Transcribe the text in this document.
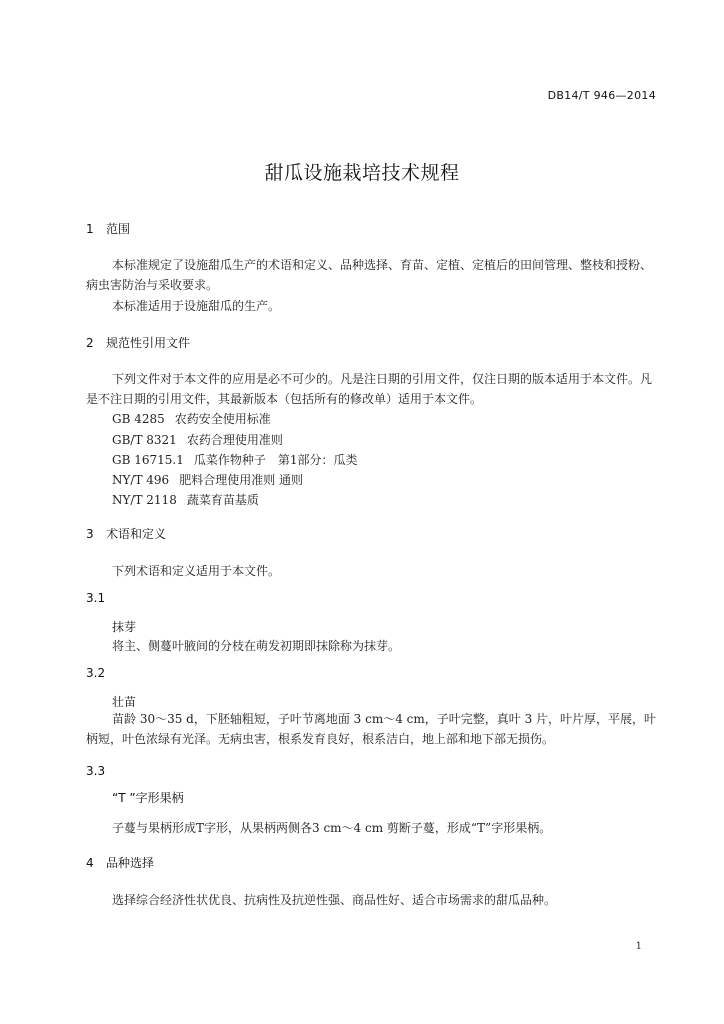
DB14/T 946—2014
甜瓜设施栽培技术规程
1 范围

本标准规定了设施甜瓜生产的术语和定义、品种选择、育苗、定植、定植后的田间管理、整枝和授粉、病虫害防治与采收要求。

本标准适用于设施甜瓜的生产。
2 规范性引用文件

下列文件对于本文件的应用是必不可少的。凡是注日期的引用文件，仅注日期的版本适用于本文件。凡是不注日期的引用文件，其最新版本（包括所有的修改单）适用于本文件。

GB 4285 农药安全使用标准
GB/T 8321 农药合理使用准则
GB 16715.1 瓜菜作物种子　第1部分：瓜类
NY/T 496 肥料合理使用准则 通则
NY/T 2118 蔬菜育苗基质
3 术语和定义
下列术语和定义适用于本文件。
3.1
抹芽
将主、侧蔓叶腋间的分枝在萌发初期即抹除称为抹芽。
3.2
壮苗

苗龄 30～35 d，下胚轴粗短，子叶节离地面 3 cm～4 cm，子叶完整，真叶 3 片，叶片厚，平展，叶柄短，叶色浓绿有光泽。无病虫害，根系发育良好，根系洁白，地上部和地下部无损伤。

3.3
“T ”字形果柄
子蔓与果柄形成T字形，从果柄两侧各3 cm～4 cm 剪断子蔓，形成“T”字形果柄。
4 品种选择
选择综合经济性状优良、抗病性及抗逆性强、商品性好、适合市场需求的甜瓜品种。
1
